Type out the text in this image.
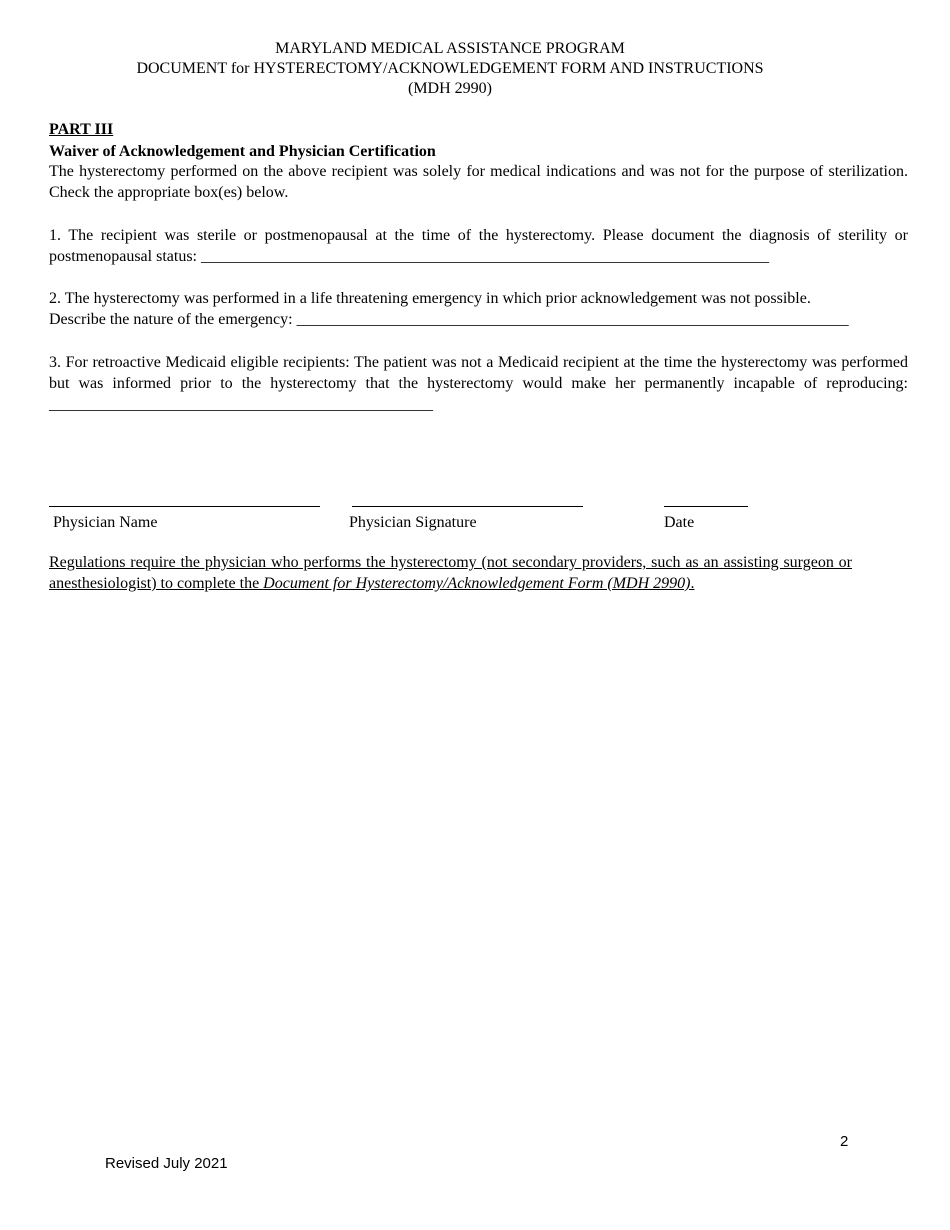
MARYLAND MEDICAL ASSISTANCE PROGRAM
DOCUMENT for HYSTERECTOMY/ACKNOWLEDGEMENT FORM AND INSTRUCTIONS
(MDH 2990)
PART III
Waiver of Acknowledgement and Physician Certification
The hysterectomy performed on the above recipient was solely for medical indications and was not for the purpose of sterilization. Check the appropriate box(es) below.
1. The recipient was sterile or postmenopausal at the time of the hysterectomy. Please document the diagnosis of sterility or postmenopausal status: _______________________________________________________________________
2. The hysterectomy was performed in a life threatening emergency in which prior acknowledgement was not possible.
Describe the nature of the emergency: _____________________________________________________________________
3. For retroactive Medicaid eligible recipients: The patient was not a Medicaid recipient at the time the hysterectomy was performed but was informed prior to the hysterectomy that the hysterectomy would make her permanently incapable of reproducing: ________________________________________________
Physician Name	Physician Signature	Date
Regulations require the physician who performs the hysterectomy (not secondary providers, such as an assisting surgeon or anesthesiologist) to complete the Document for Hysterectomy/Acknowledgement Form (MDH 2990).
2
Revised July 2021
